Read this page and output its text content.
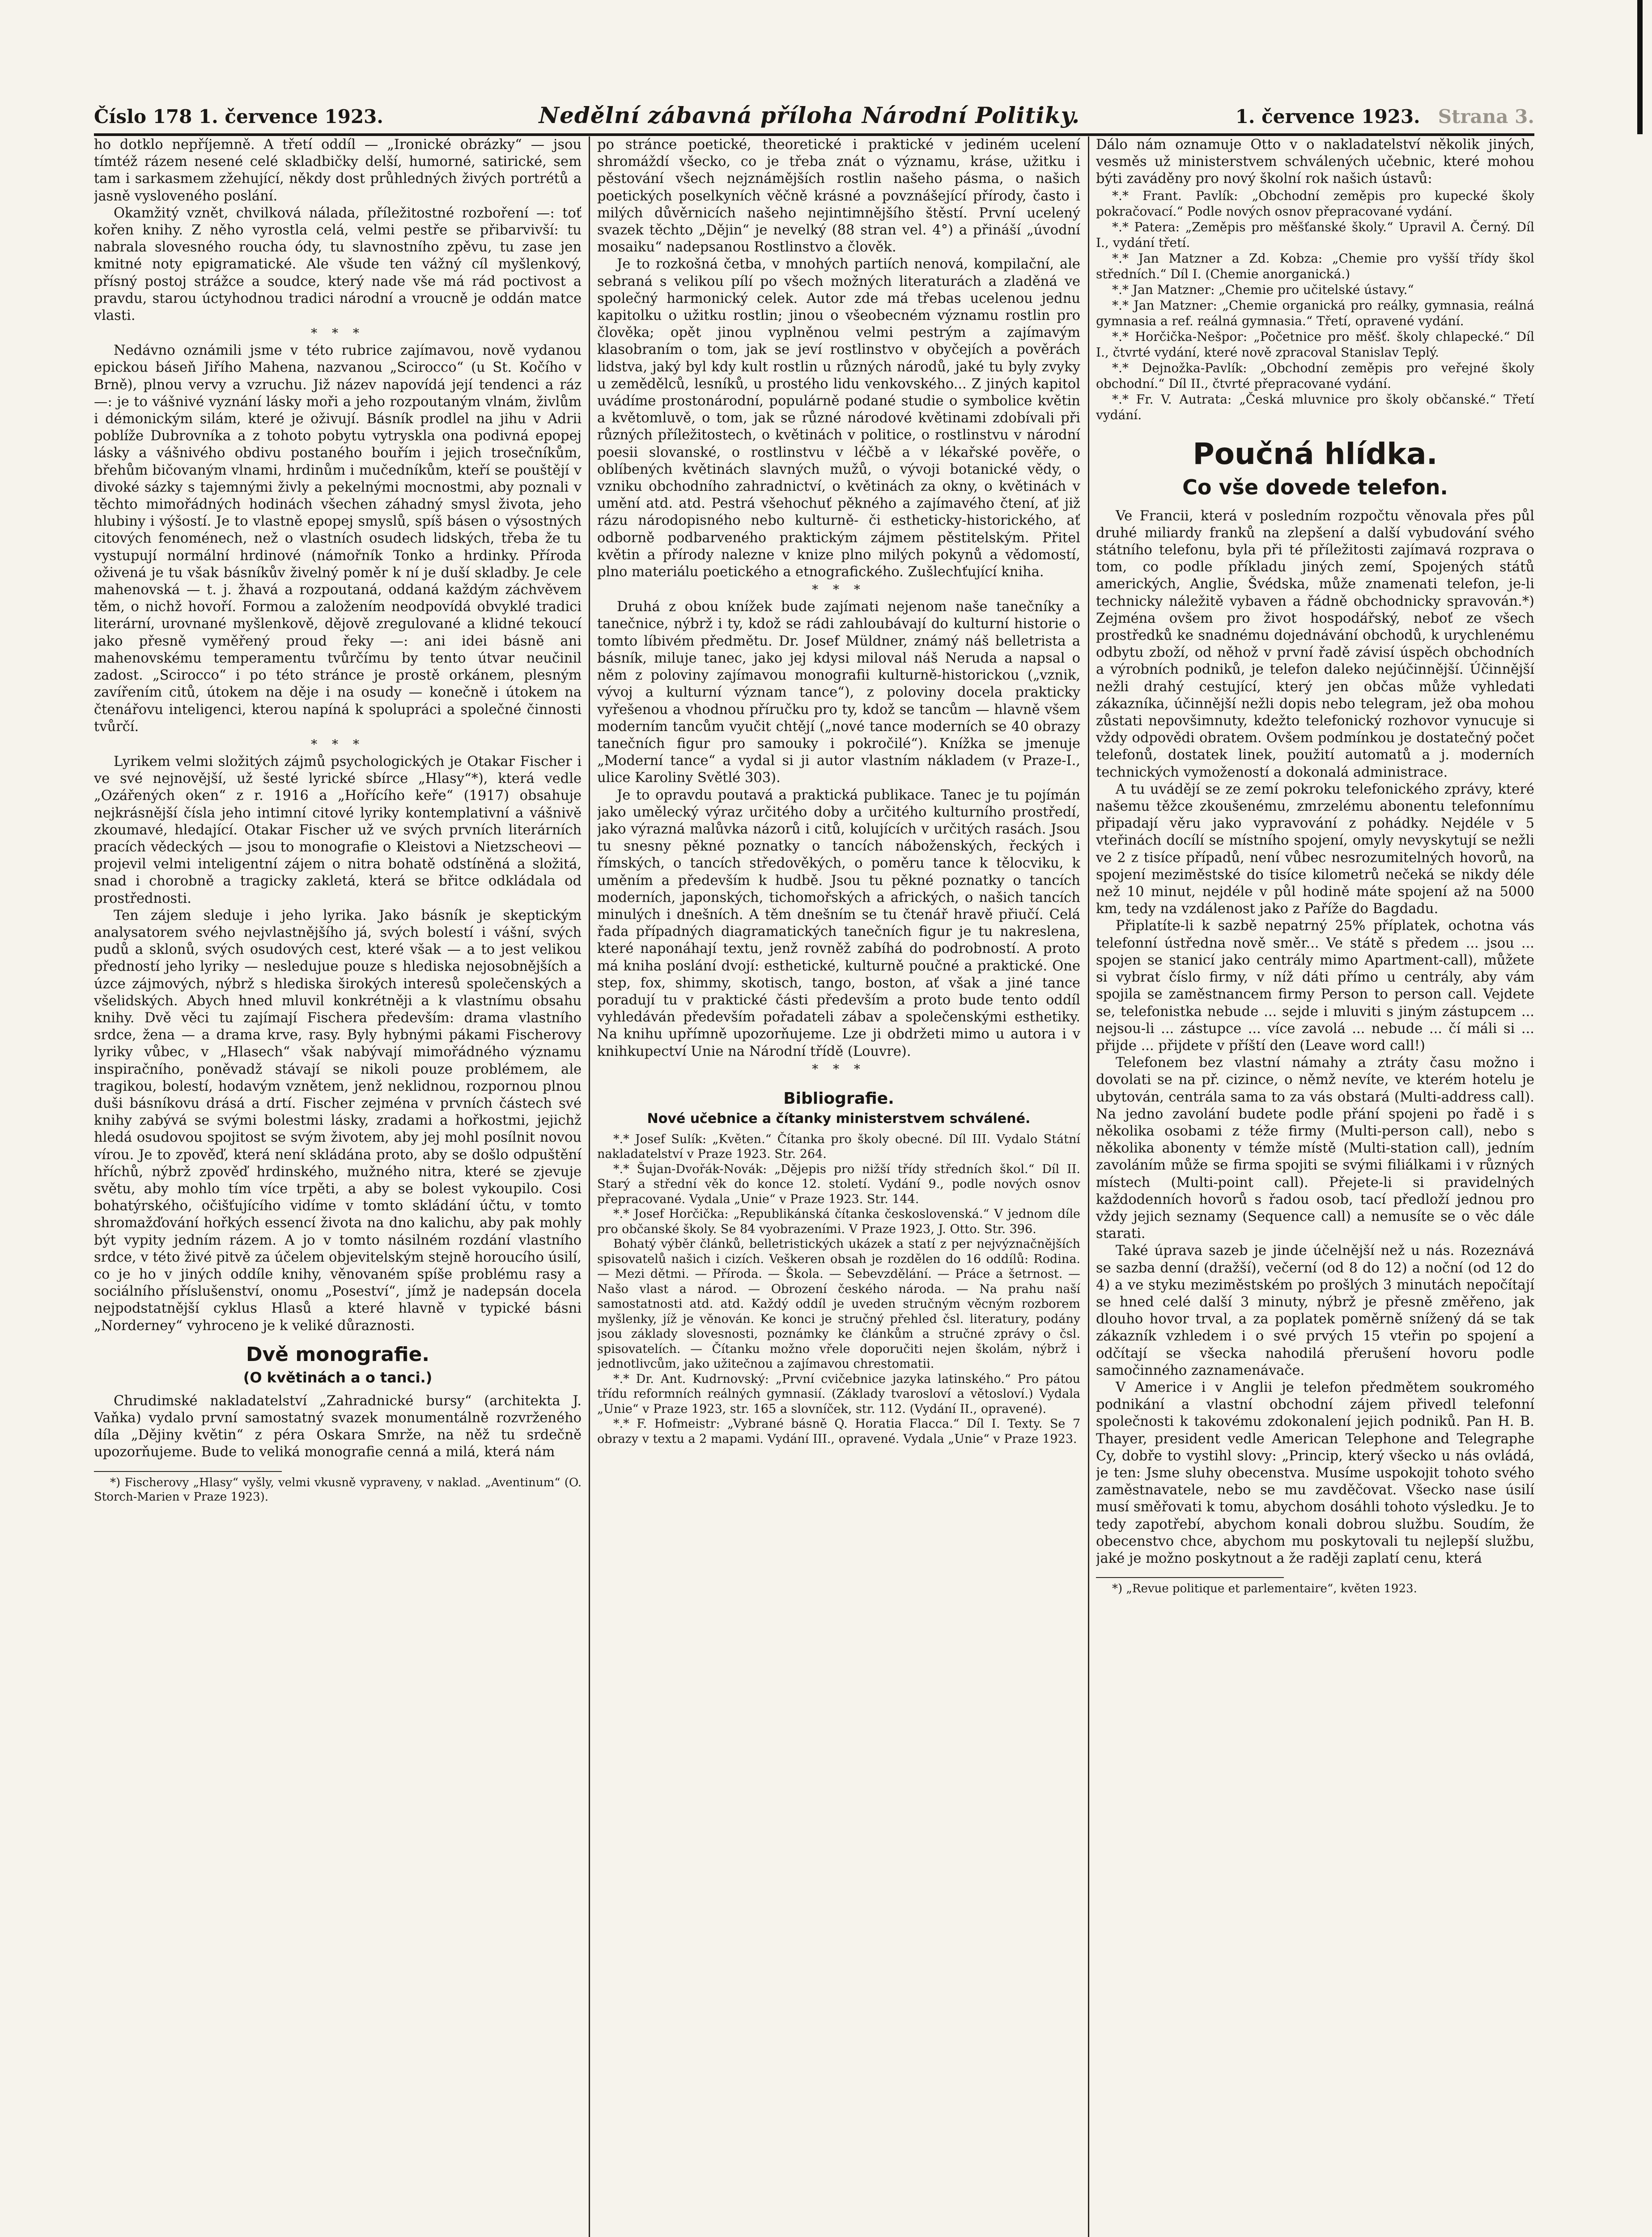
Číslo 178 1. července 1923.	Nedělní zábavná příloha Národní Politiky.	1. července 1923. Strana 3.

ho dotklo nepříjemně. A třetí oddíl — „Ironické obrázky“ — jsou tímtéž rázem nesené celé skladbičky delší, humorné, satirické, sem tam i sarkasmem zžehující, někdy dost průhledných živých portrétů a jasně vysloveného poslání.

Okamžitý vznět, chvilková nálada, příležitostné rozboření —: toť kořen knihy. Z něho vyrostla celá, velmi pestře se přibarvivší: tu nabrala slovesného roucha ódy, tu slavnostního zpěvu, tu zase jen kmitné noty epigramatické. Ale všude ten vážný cíl myšlenkový, přísný postoj strážce a soudce, který nade vše má rád poctivost a pravdu, starou úctyhodnou tradici národní a vroucně je oddán matce vlasti.

* * *

Nedávno oznámili jsme v této rubrice zajímavou, nově vydanou epickou báseň Jiřího Mahena, nazvanou „Scirocco“ (u St. Kočího v Brně), plnou vervy a vzruchu. Již název napovídá její tendenci a ráz —: je to vášnivé vyznání lásky moři a jeho rozpoutaným vlnám, živlům i démonickým silám, které je oživují. Básník prodlel na jihu v Adrii poblíže Dubrovníka a z tohoto pobytu vytryskla ona podivná epopej lásky a vášnivého obdivu postaného bouřím i jejich trosečníkům, břehům bičovaným vlnami, hrdinům i mučedníkům, kteří se pouštějí v divoké sázky s tajemnými živly a pekelnými mocnostmi, aby poznali v těchto mimořádných hodinách všechen záhadný smysl života, jeho hlubiny i výšostí. Je to vlastně epopej smyslů, spíš básen o výsostných citových fenoménech, než o vlastních osudech lidských, třeba že tu vystupují normální hrdinové (námořník Tonko a hrdinky. Příroda oživená je tu však básníkův živelný poměr k ní je duší skladby. Je cele mahenovská — t. j. žhavá a rozpoutaná, oddaná každým záchvěvem těm, o nichž hovoří. Formou a založením neodpovídá obvyklé tradici literární, urovnané myšlenkově, dějově zregulované a klidné tekoucí jako přesně vyměřený proud řeky —: ani idei básně ani mahenovskému temperamentu tvůrčímu by tento útvar neučinil zadost. „Scirocco“ i po této stránce je prostě orkánem, plesným zavířením citů, útokem na děje i na osudy — konečně i útokem na čtenářovu inteligenci, kterou napíná k spolupráci a společné činnosti tvůrčí.

* * *

Lyrikem velmi složitých zájmů psychologických je Otakar Fischer i ve své nejnovější, už šesté lyrické sbírce „Hlasy“*), která vedle „Ozářených oken“ z r. 1916 a „Hořícího keře“ (1917) obsahuje nejkrásnější čísla jeho intimní citové lyriky kontemplativní a vášnivě zkoumavé, hledající. Otakar Fischer už ve svých prvních literárních pracích vědeckých — jsou to monografie o Kleistovi a Nietzscheovi — projevil velmi inteligentní zájem o nitra bohatě odstíněná a složitá, snad i chorobně a tragicky zakletá, která se břitce odkládala od prostřednosti.

Ten zájem sleduje i jeho lyrika. Jako básník je skeptickým analysatorem svého nejvlastnějšího já, svých bolestí i vášní, svých pudů a sklonů, svých osudových cest, které však — a to jest velikou předností jeho lyriky — nesledujue pouze s hlediska nejosobnějších a úzce zájmových, nýbrž s hlediska širokých interesů společenských a všelidských. Abych hned mluvil konkrétněji a k vlastnímu obsahu knihy. Dvě věci tu zajímají Fischera především: drama vlastního srdce, žena — a drama krve, rasy. Byly hybnými pákami Fischerovy lyriky vůbec, v „Hlasech“ však nabývají mimořádného významu inspiračního, poněvadž stávají se nikoli pouze problémem, ale tragikou, bolestí, hodavým vznětem, jenž neklidnou, rozpornou plnou duši básníkovu drásá a drtí. Fischer zejména v prvních částech své knihy zabývá se svými bolestmi lásky, zradami a hořkostmi, jejichž hledá osudovou spojitost se svým životem, aby jej mohl posílnit novou vírou. Je to zpověď, která není skládána proto, aby se došlo odpuštění hříchů, nýbrž zpověď hrdinského, mužného nitra, které se zjevuje světu, aby mohlo tím více trpěti, a aby se bolest vykoupilo. Cosi bohatýrského, očišťujícího vidíme v tomto skládání účtu, v tomto shromažďování hořkých essencí života na dno kalichu, aby pak mohly být vypity jedním rázem. A jo v tomto násilném rozdání vlastního srdce, v této živé pitvě za účelem objevitelským stejně horoucího úsilí, co je ho v jiných oddíle knihy, věnovaném spíše problému rasy a sociálního příslušenství, onomu „Poseství“, jímž je nadepsán docela nejpodstatnější cyklus Hlasů a které hlavně v typické básni „Norderney“ vyhroceno je k veliké důraznosti.

Dvě monografie.
(O květinách a o tanci.)

Chrudimské nakladatelství „Zahradnické bursy“ (architekta J. Vaňka) vydalo první samostatný svazek monumentálně rozvrženého díla „Dějiny květin“ z péra Oskara Smrže, na něž tu srdečně upozorňujeme. Bude to veliká monografie cenná a milá, která nám

*) Fischerovy „Hlasy“ vyšly, velmi vkusně vypraveny, v naklad. „Aventinum“ (O. Storch-Marien v Praze 1923).

po stránce poetické, theoretické i praktické v jediném ucelení shromáždí všecko, co je třeba znát o významu, kráse, užitku i pěstování všech nejznámějších rostlin našeho pásma, o našich poetických poselkyních věčně krásné a povznášející přírody, často i milých důvěrnicích našeho nejintimnějšího štěstí. První ucelený svazek těchto „Dějin“ je nevelký (88 stran vel. 4°) a přináší „úvodní mosaiku“ nadepsanou Rostlinstvo a člověk.

Je to rozkošná četba, v mnohých partiích nenová, kompilační, ale sebraná s velikou pílí po všech možných literaturách a zladěná ve společný harmonický celek. Autor zde má třebas ucelenou jednu kapitolku o užitku rostlin; jinou o všeobecném významu rostlin pro člověka; opět jinou vyplněnou velmi pestrým a zajímavým klasobraním o tom, jak se jeví rostlinstvo v obyčejích a pověrách lidstva, jaký byl kdy kult rostlin u různých národů, jaké tu byly zvyky u zemědělců, lesníků, u prostého lidu venkovského... Z jiných kapitol uvádíme prostonárodní, populárně podané studie o symbolice květin a květomluvě, o tom, jak se různé národové květinami zdobívali při různých příležitostech, o květinách v politice, o rostlinstvu v národní poesii slovanské, o rostlinstvu v léčbě a v lékařské pověře, o oblíbených květinách slavných mužů, o vývoji botanické vědy, o vzniku obchodního zahradnictví, o květinách za okny, o květinách v umění atd. atd. Pestrá všehochuť pěkného a zajímavého čtení, ať již rázu národopisného nebo kulturně- či estheticky-historického, ať odborně podbarveného praktickým zájmem pěstitelským. Přitel květin a přírody nalezne v knize plno milých pokynů a vědomostí, plno materiálu poetického a etnografického. Zušlechťující kniha.

* * *

Druhá z obou knížek bude zajímati nejenom naše tanečníky a tanečnice, nýbrž i ty, kdož se rádi zahloubávají do kulturní historie o tomto líbivém předmětu. Dr. Josef Müldner, známý náš belletrista a básník, miluje tanec, jako jej kdysi miloval náš Neruda a napsal o něm z poloviny zajímavou monografii kulturně-historickou („vznik, vývoj a kulturní význam tance“), z poloviny docela prakticky vyřešenou a vhodnou příručku pro ty, kdož se tancům — hlavně všem moderním tancům vyučit chtějí („nové tance moderních se 40 obrazy tanečních figur pro samouky i pokročilé“). Knížka se jmenuje „Moderní tance“ a vydal si ji autor vlastním nákladem (v Praze-I., ulice Karoliny Světlé 303).

Je to opravdu poutavá a praktická publikace. Tanec je tu pojímán jako umělecký výraz určitého doby a určitého kulturního prostředí, jako výrazná malůvka názorů i citů, kolujících v určitých rasách. Jsou tu snesny pěkné poznatky o tancích náboženských, řeckých i římských, o tancích středověkých, o poměru tance k tělocviku, k uměním a především k hudbě. Jsou tu pěkné poznatky o tancích moderních, japonských, tichomořských a afrických, o našich tancích minulých i dnešních. A těm dnešním se tu čtenář hravě přiučí. Celá řada případných diagramatických tanečních figur je tu nakreslena, které naponáhají textu, jenž rovněž zabíhá do podrobností. A proto má kniha poslání dvojí: esthetické, kulturně poučné a praktické. One step, fox, shimmy, skotisch, tango, boston, ať však a jiné tance poradují tu v praktické části především a proto bude tento oddíl vyhledáván především pořadateli zábav a společenskými esthetiky. Na knihu upřímně upozorňujeme. Lze ji obdržeti mimo u autora i v knihkupectví Unie na Národní třídě (Louvre).

* * *
Bibliografie.
Nové učebnice a čítanky ministerstvem schválené.

*.* Josef Sulík: „Květen.“ Čítanka pro školy obecné. Díl III. Vydalo Státní nakladatelství v Praze 1923. Str. 264.

*.* Šujan-Dvořák-Novák: „Dějepis pro nižší třídy středních škol.“ Díl II. Starý a střední věk do konce 12. století. Vydání 9., podle nových osnov přepracované. Vydala „Unie“ v Praze 1923. Str. 144.

*.* Josef Horčička: „Republikánská čítanka československá.“ V jednom díle pro občanské školy. Se 84 vyobrazeními. V Praze 1923, J. Otto. Str. 396.

Bohatý výběr článků, belletristických ukázek a statí z per nejvýznačnějších spisovatelů našich i cizích. Veškeren obsah je rozdělen do 16 oddílů: Rodina. — Mezi dětmi. — Příroda. — Škola. — Sebevzdělání. — Práce a šetrnost. — Našo vlast a národ. — Obrození českého národa. — Na prahu naší samostatnosti atd. atd. Každý oddíl je uveden stručným věcným rozborem myšlenky, jíž je věnován. Ke konci je stručný přehled čsl. literatury, podány jsou základy slovesnosti, poznámky ke článkům a stručné zprávy o čsl. spisovatelích. — Čítanku možno vřele doporučiti nejen školám, nýbrž i jednotlivcům, jako užitečnou a zajímavou chrestomatii.

*.* Dr. Ant. Kudrnovský: „První cvičebnice jazyka latinského.“ Pro pátou třídu reformních reálných gymnasií. (Základy tvarosloví a větosloví.) Vydala „Unie“ v Praze 1923, str. 165 a slovníček, str. 112. (Vydání II., opravené).

*.* F. Hofmeistr: „Vybrané básně Q. Horatia Flacca.“ Díl I. Texty. Se 7 obrazy v textu a 2 mapami. Vydání III., opravené. Vydala „Unie“ v Praze 1923.

Dálo nám oznamuje Otto v o nakladatelství několik jiných, vesměs už ministerstvem schválených učebnic, které mohou býti zaváděny pro nový školní rok našich ústavů:

*.* Frant. Pavlík: „Obchodní zeměpis pro kupecké školy pokračovací.“ Podle nových osnov přepracované vydání.

*.* Patera: „Zeměpis pro měšťanské školy.“ Upravil A. Černý. Díl I., vydání třetí.

*.* Jan Matzner a Zd. Kobza: „Chemie pro vyšší třídy škol středních.“ Díl I. (Chemie anorganická.)

*.* Jan Matzner: „Chemie pro učitelské ústavy.“

*.* Jan Matzner: „Chemie organická pro reálky, gymnasia, reálná gymnasia a ref. reálná gymnasia.“ Třetí, opravené vydání.

*.* Horčička-Nešpor: „Početnice pro měšť. školy chlapecké.“ Díl I., čtvrté vydání, které nově zpracoval Stanislav Teplý.

*.* Dejnožka-Pavlík: „Obchodní zeměpis pro veřejné školy obchodní.“ Díl II., čtvrté přepracované vydání.

*.* Fr. V. Autrata: „Česká mluvnice pro školy občanské.“ Třetí vydání.

Poučná hlídka.
Co vše dovede telefon.

Ve Francii, která v posledním rozpočtu věnovala přes půl druhé miliardy franků na zlepšení a další vybudování svého státního telefonu, byla při té příležitosti zajímavá rozprava o tom, co podle příkladu jiných zemí, Spojených států amerických, Anglie, Švédska, může znamenati telefon, je-li technicky náležitě vybaven a řádně obchodnicky spravován.*) Zejména ovšem pro život hospodářský, neboť ze všech prostředků ke snadnému dojednávání obchodů, k urychlenému odbytu zboží, od něhož v první řadě závisí úspěch obchodních a výrobních podniků, je telefon daleko nejúčinnější. Účinnější nežli drahý cestující, který jen občas může vyhledati zákazníka, účinnější nežli dopis nebo telegram, jež oba mohou zůstati nepovšimnuty, kdežto telefonický rozhovor vynucuje si vždy odpovědi obratem. Ovšem podmínkou je dostatečný počet telefonů, dostatek linek, použití automatů a j. moderních technických vymožeností a dokonalá administrace.

A tu uvádějí se ze zemí pokroku telefonického zprávy, které našemu těžce zkoušenému, zmrzelému abonentu telefonnímu připadají věru jako vypravování z pohádky. Nejdéle v 5 vteřinách docílí se místního spojení, omyly nevyskytují se nežli ve 2 z tisíce případů, není vůbec nesrozumitelných hovorů, na spojení meziměstské do tisíce kilometrů nečeká se nikdy déle než 10 minut, nejdéle v půl hodině máte spojení až na 5000 km, tedy na vzdálenost jako z Paříže do Bagdadu.

Připlatíte-li k sazbě nepatrný 25% příplatek, ochotna vás telefonní ústředna nově směr... Ve státě s předem ... jsou ... spojen se stanicí jako centrály mimo Apartment-call), můžete si vybrat číslo firmy, v níž dáti přímo u centrály, aby vám spojila se zaměstnancem firmy Person to person call. Vejdete se, telefonistka nebude ... sejde i mluviti s jiným zástupcem ... nejsou-li ... zástupce ... více zavolá ... nebude ... čí máli si ... přijde ... přijdete v příští den (Leave word call!)

Telefonem bez vlastní námahy a ztráty času možno i dovolati se na př. cizince, o němž nevíte, ve kterém hotelu je ubytován, centrála sama to za vás obstará (Multi-address call). Na jedno zavolání budete podle přání spojeni po řadě i s několika osobami z téže firmy (Multi-person call), nebo s několika abonenty v témže místě (Multi-station call), jedním zavoláním může se firma spojiti se svými filiálkami i v různých místech (Multi-point call). Přejete-li si pravidelných každodenních hovorů s řadou osob, tací předloží jednou pro vždy jejich seznamy (Sequence call) a nemusíte se o věc dále starati.

Také úprava sazeb je jinde účelnější než u nás. Rozeznává se sazba denní (dražší), večerní (od 8 do 12) a noční (od 12 do 4) a ve styku meziměstském po prošlých 3 minutách nepočítají se hned celé další 3 minuty, nýbrž je přesně změřeno, jak dlouho hovor trval, a za poplatek poměrně snížený dá se tak zákazník vzhledem i o své prvých 15 vteřin po spojení a odčítají se všecka nahodilá přerušení hovoru podle samočinného zaznamenávače.

V Americe i v Anglii je telefon předmětem soukromého podnikání a vlastní obchodní zájem přivedl telefonní společnosti k takovému zdokonalení jejich podniků. Pan H. B. Thayer, president vedle American Telephone and Telegraphe Cy, dobře to vystihl slovy: „Princip, který všecko u nás ovládá, je ten: Jsme sluhy obecenstva. Musíme uspokojit tohoto svého zaměstnavatele, nebo se mu zavděčovat. Všecko nase úsilí musí směřovati k tomu, abychom dosáhli tohoto výsledku. Je to tedy zapotřebí, abychom konali dobrou službu. Soudím, že obecenstvo chce, abychom mu poskytovali tu nejlepší službu, jaké je možno poskytnout a že raději zaplatí cenu, která

*) „Revue politique et parlementaire“, květen 1923.
